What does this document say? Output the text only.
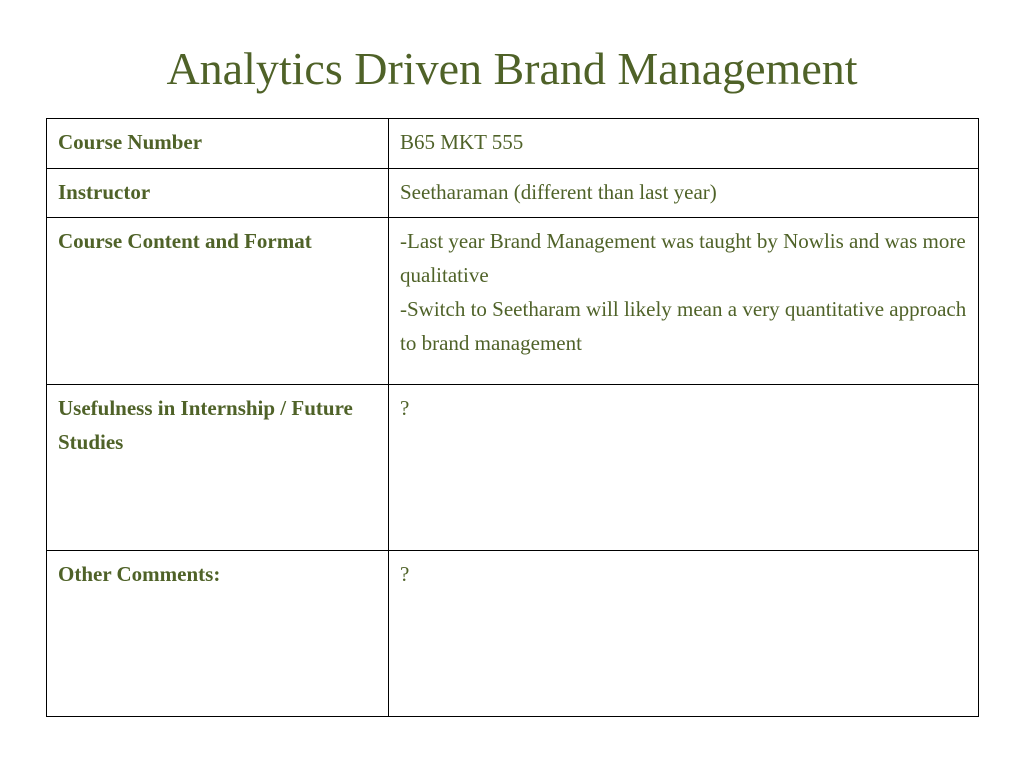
Analytics Driven Brand Management
Course Number	B65 MKT 555

Instructor	Seetharaman (different than last year)

Course Content and Format	-Last year Brand Management was taught by Nowlis and was more qualitative
-Switch to Seetharam will likely mean a very quantitative approach to brand management

Usefulness in Internship / Future Studies	?

Other Comments:	?
